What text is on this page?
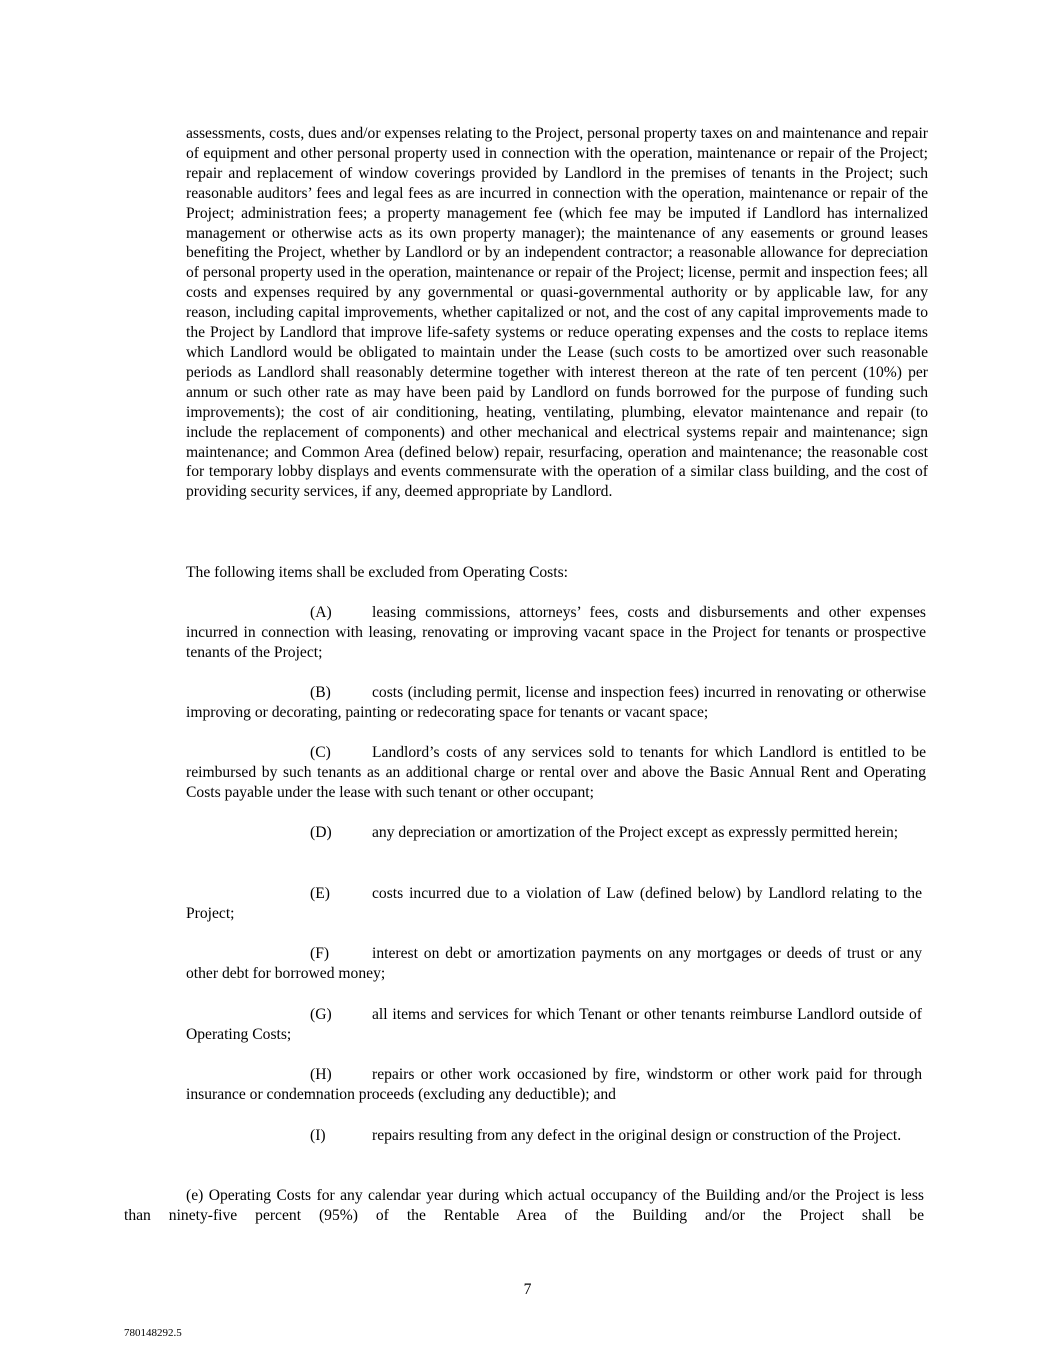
assessments, costs, dues and/or expenses relating to the Project, personal property taxes on and maintenance and repair of equipment and other personal property used in connection with the operation, maintenance or repair of the Project; repair and replacement of window coverings provided by Landlord in the premises of tenants in the Project; such reasonable auditors’ fees and legal fees as are incurred in connection with the operation, maintenance or repair of the Project; administration fees; a property management fee (which fee may be imputed if Landlord has internalized management or otherwise acts as its own property manager); the maintenance of any easements or ground leases benefiting the Project, whether by Landlord or by an independent contractor; a reasonable allowance for depreciation of personal property used in the operation, maintenance or repair of the Project; license, permit and inspection fees; all costs and expenses required by any governmental or quasi-governmental authority or by applicable law, for any reason, including capital improvements, whether capitalized or not, and the cost of any capital improvements made to the Project by Landlord that improve life-safety systems or reduce operating expenses and the costs to replace items which Landlord would be obligated to maintain under the Lease (such costs to be amortized over such reasonable periods as Landlord shall reasonably determine together with interest thereon at the rate of ten percent (10%) per annum or such other rate as may have been paid by Landlord on funds borrowed for the purpose of funding such improvements); the cost of air conditioning, heating, ventilating, plumbing, elevator maintenance and repair (to include the replacement of components) and other mechanical and electrical systems repair and maintenance; sign maintenance; and Common Area (defined below) repair, resurfacing, operation and maintenance; the reasonable cost for temporary lobby displays and events commensurate with the operation of a similar class building, and the cost of providing security services, if any, deemed appropriate by Landlord.

The following items shall be excluded from Operating Costs:

(A)	leasing commissions, attorneys’ fees, costs and disbursements and other expenses incurred in connection with leasing, renovating or improving vacant space in the Project for tenants or prospective tenants of the Project;

(B)	costs (including permit, license and inspection fees) incurred in renovating or otherwise improving or decorating, painting or redecorating space for tenants or vacant space;

(C)	Landlord’s costs of any services sold to tenants for which Landlord is entitled to be reimbursed by such tenants as an additional charge or rental over and above the Basic Annual Rent and Operating Costs payable under the lease with such tenant or other occupant;

(D)	any depreciation or amortization of the Project except as expressly permitted herein;

(E)	costs incurred due to a violation of Law (defined below) by Landlord relating to the Project;

(F)	interest on debt or amortization payments on any mortgages or deeds of trust or any other debt for borrowed money;

(G)	all items and services for which Tenant or other tenants reimburse Landlord outside of Operating Costs;

(H)	repairs or other work occasioned by fire, windstorm or other work paid for through insurance or condemnation proceeds (excluding any deductible); and

(I)	repairs resulting from any defect in the original design or construction of the Project.

(e) Operating Costs for any calendar year during which actual occupancy of the Building and/or the Project is less than ninety-five percent (95%) of the Rentable Area of the Building and/or the Project shall be

7
780148292.5
